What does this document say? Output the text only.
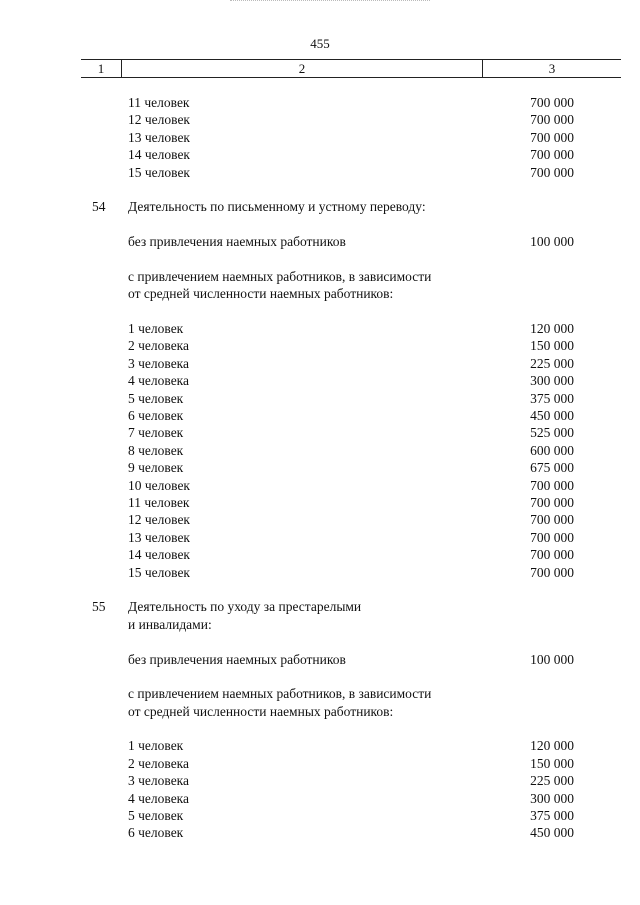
455
1	2	3
11 человек	700 000
12 человек	700 000
13 человек	700 000
14 человек	700 000
15 человек	700 000
54 Деятельность по письменному и устному переводу:
без привлечения наемных работников	100 000
с привлечением наемных работников, в зависимости
от средней численности наемных работников:
1 человек	120 000
2 человека	150 000
3 человека	225 000
4 человека	300 000
5 человек	375 000
6 человек	450 000
7 человек	525 000
8 человек	600 000
9 человек	675 000
10 человек	700 000
11 человек	700 000
12 человек	700 000
13 человек	700 000
14 человек	700 000
15 человек	700 000
55 Деятельность по уходу за престарелыми
и инвалидами:
без привлечения наемных работников	100 000
с привлечением наемных работников, в зависимости
от средней численности наемных работников:
1 человек	120 000
2 человека	150 000
3 человека	225 000
4 человека	300 000
5 человек	375 000
6 человек	450 000
